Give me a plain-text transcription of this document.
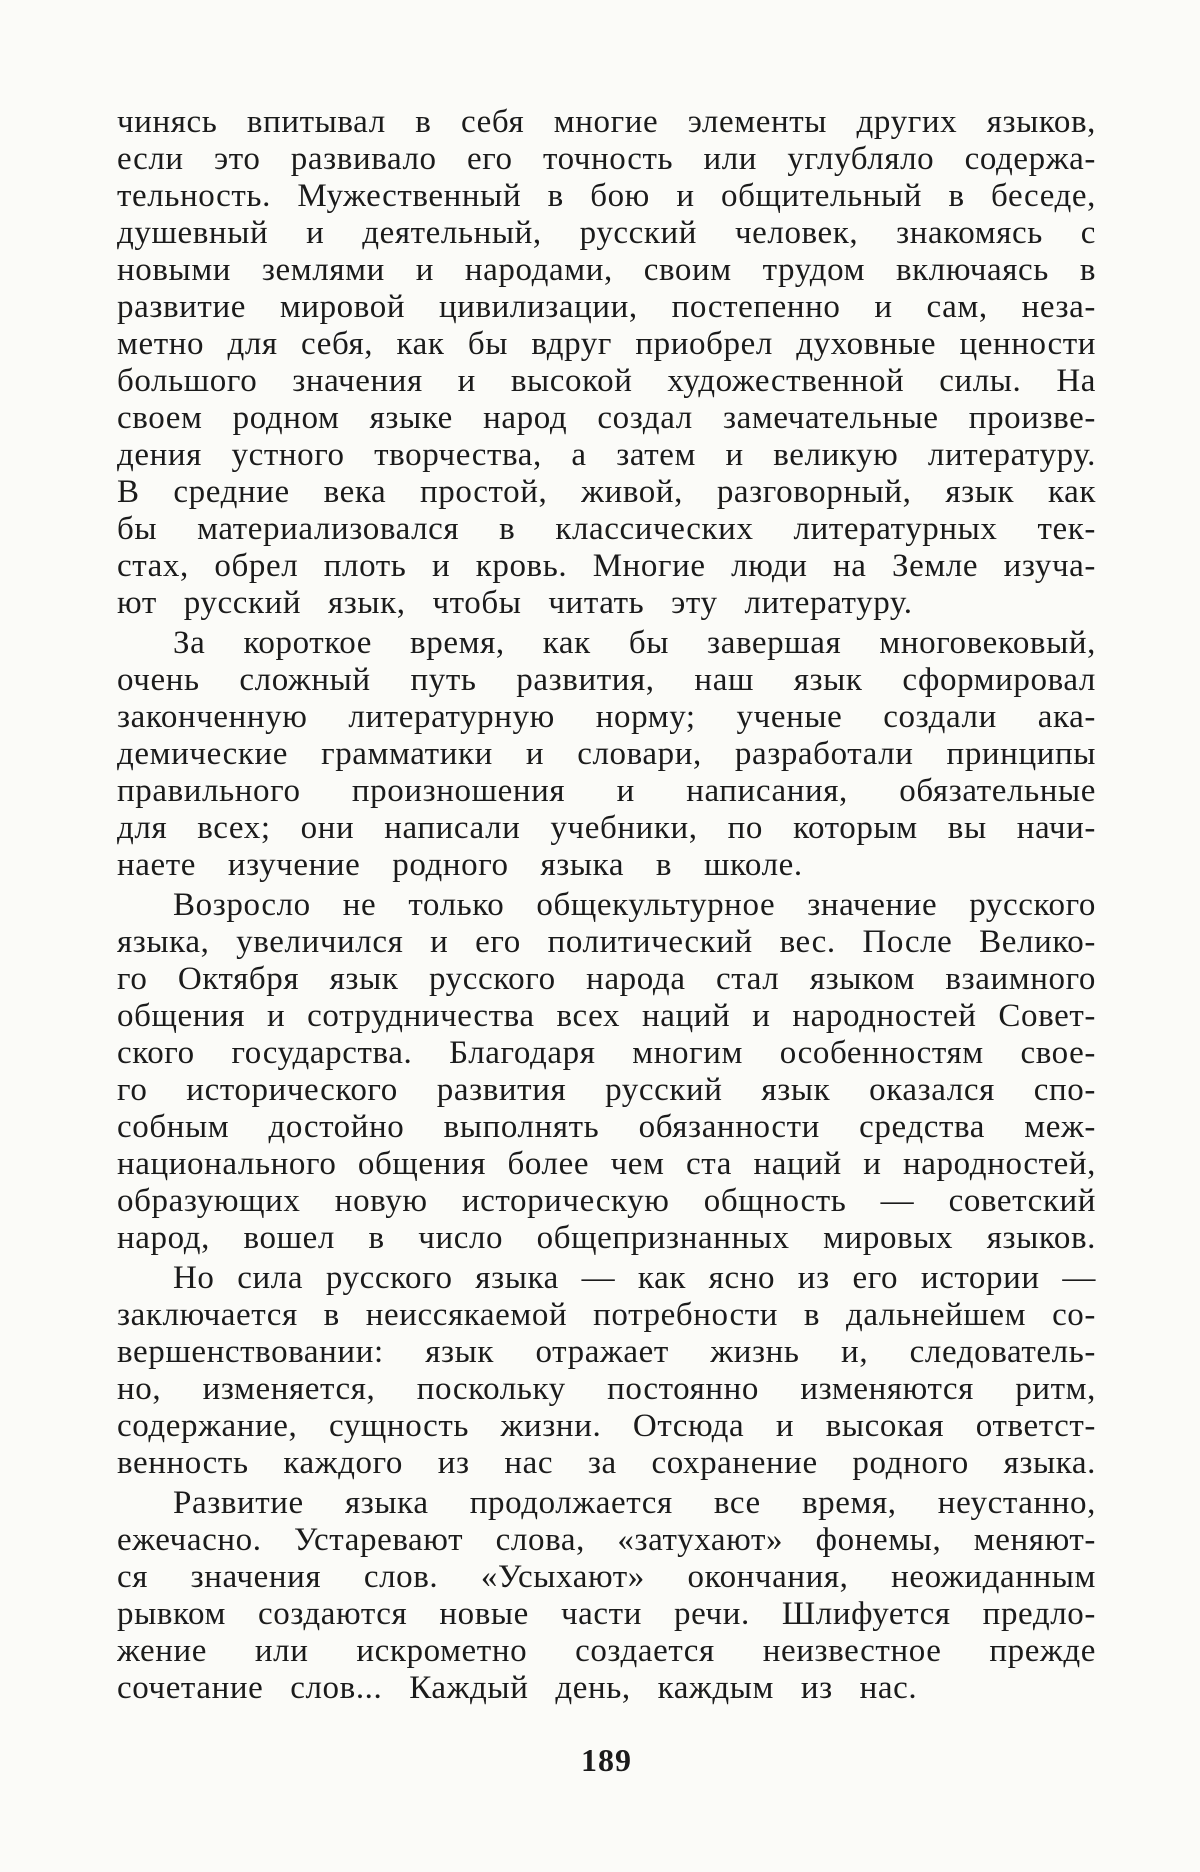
чинясь впитывал в себя многие элементы других языков,
если это развивало его точность или углубляло содержа-
тельность. Мужественный в бою и общительный в беседе,
душевный и деятельный, русский человек, знакомясь с
новыми землями и народами, своим трудом включаясь в
развитие мировой цивилизации, постепенно и сам, неза-
метно для себя, как бы вдруг приобрел духовные ценности
большого значения и высокой художественной силы. На
своем родном языке народ создал замечательные произве-
дения устного творчества, а затем и великую литературу.
В средние века простой, живой, разговорный, язык как
бы материализовался в классических литературных тек-
стах, обрел плоть и кровь. Многие люди на Земле изуча-
ют русский язык, чтобы читать эту литературу.
За короткое время, как бы завершая многовековый,
очень сложный путь развития, наш язык сформировал
законченную литературную норму; ученые создали ака-
демические грамматики и словари, разработали принципы
правильного произношения и написания, обязательные
для всех; они написали учебники, по которым вы начи-
наете изучение родного языка в школе.
Возросло не только общекультурное значение русского
языка, увеличился и его политический вес. После Велико-
го Октября язык русского народа стал языком взаимного
общения и сотрудничества всех наций и народностей Совет-
ского государства. Благодаря многим особенностям свое-
го исторического развития русский язык оказался спо-
собным достойно выполнять обязанности средства меж-
национального общения более чем ста наций и народностей,
образующих новую историческую общность — советский
народ, вошел в число общепризнанных мировых языков.
Но сила русского языка — как ясно из его истории —
заключается в неиссякаемой потребности в дальнейшем со-
вершенствовании: язык отражает жизнь и, следователь-
но, изменяется, поскольку постоянно изменяются ритм,
содержание, сущность жизни. Отсюда и высокая ответст-
венность каждого из нас за сохранение родного языка.
Развитие языка продолжается все время, неустанно,
ежечасно. Устаревают слова, «затухают» фонемы, меняют-
ся значения слов. «Усыхают» окончания, неожиданным
рывком создаются новые части речи. Шлифуется предло-
жение или искрометно создается неизвестное прежде
сочетание слов... Каждый день, каждым из нас.
189
